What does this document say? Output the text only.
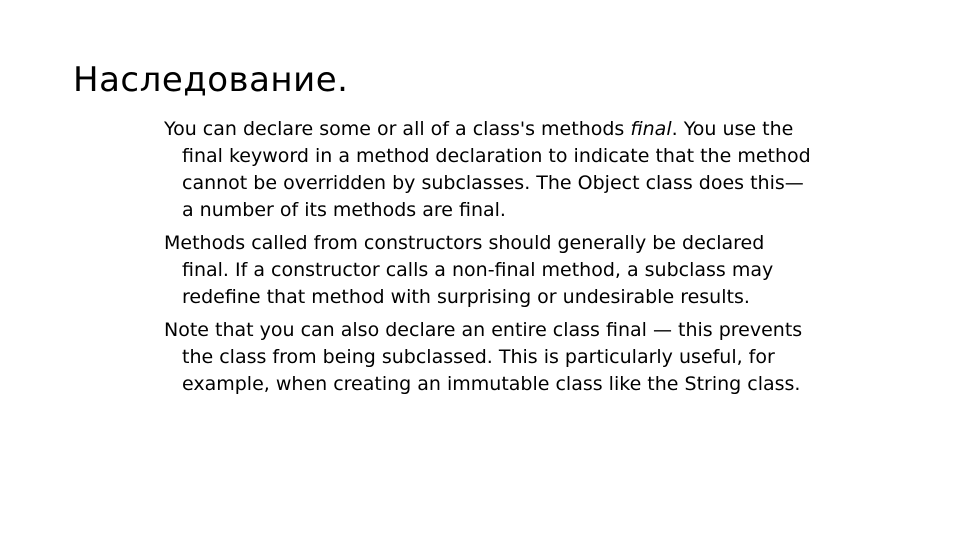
Наследование.

You can declare some or all of a class's methods final. You use the final keyword in a method declaration to indicate that the method cannot be overridden by subclasses. The Object class does this—a number of its methods are final.

Methods called from constructors should generally be declared final. If a constructor calls a non-final method, a subclass may redefine that method with surprising or undesirable results.

Note that you can also declare an entire class final — this prevents the class from being subclassed. This is particularly useful, for example, when creating an immutable class like the String class.
